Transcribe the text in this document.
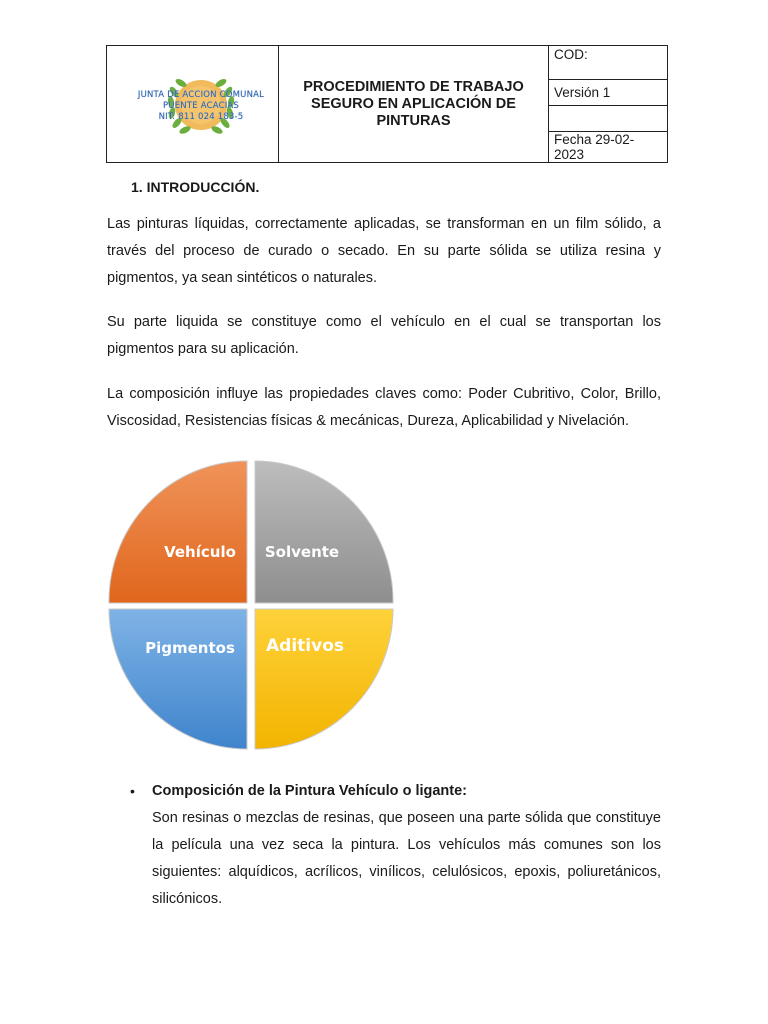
JUNTA DE ACCION COMUNAL
PUENTE ACACIAS
NIT: 811 024 183-5
	PROCEDIMIENTO DE TRABAJO SEGURO EN APLICACIÓN DE PINTURAS	COD:
Versión 1

Fecha 29-02-2023

1. INTRODUCCIÓN.

Las pinturas líquidas, correctamente aplicadas, se transforman en un film sólido, a través del proceso de curado o secado. En su parte sólida se utiliza resina y pigmentos, ya sean sintéticos o naturales.

Su parte liquida se constituye como el vehículo en el cual se transportan los pigmentos para su aplicación.

La composición influye las propiedades claves como: Poder Cubritivo, Color, Brillo, Viscosidad, Resistencias físicas & mecánicas, Dureza, Aplicabilidad y Nivelación.

Vehículo Solvente
Pigmentos Aditivos
• Composición de la Pintura Vehículo o ligante:

Son resinas o mezclas de resinas, que poseen una parte sólida que constituye la película una vez seca la pintura. Los vehículos más comunes son los siguientes: alquídicos, acrílicos, vinílicos, celulósicos, epoxis, poliuretánicos, silicónicos.
